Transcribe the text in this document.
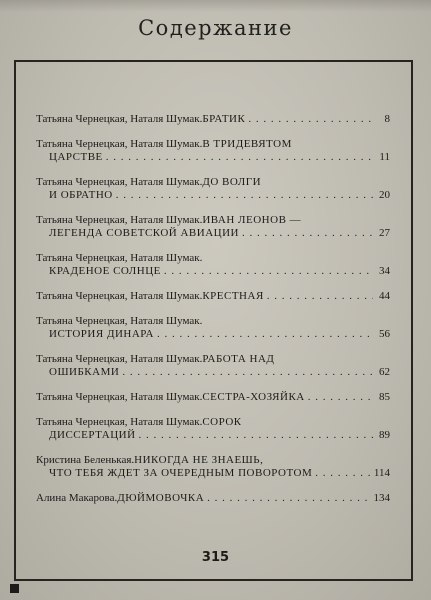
Содержание
Татьяна Чернецкая, Наталя Шумак. БРАТИК . . .	8
Татьяна Чернецкая, Наталя Шумак. В ТРИДЕВЯТОМ
ЦАРСТВЕ . . .	11
Татьяна Чернецкая, Наталя Шумак. ДО ВОЛГИ
И ОБРАТНО . . .	20
Татьяна Чернецкая, Наталя Шумак. ИВАН ЛЕОНОВ —
ЛЕГЕНДА СОВЕТСКОЙ АВИАЦИИ . . .	27
Татьяна Чернецкая, Наталя Шумак.
КРАДЕНОЕ СОЛНЦЕ . . .	34
Татьяна Чернецкая, Наталя Шумак. КРЕСТНАЯ . . .	44
Татьяна Чернецкая, Наталя Шумак.
ИСТОРИЯ ДИНАРА . . .	56
Татьяна Чернецкая, Наталя Шумак. РАБОТА НАД
ОШИБКАМИ . . .	62
Татьяна Чернецкая, Наталя Шумак. СЕСТРА-ХОЗЯЙКА . . .	85
Татьяна Чернецкая, Наталя Шумак. СОРОК
ДИССЕРТАЦИЙ . . .	89
Кристина Беленькая. НИКОГДА НЕ ЗНАЕШЬ,
ЧТО ТЕБЯ ЖДЕТ ЗА ОЧЕРЕДНЫМ ПОВОРОТОМ . . .	114
Алина Макарова. ДЮЙМОВОЧКА . . .	134
315
